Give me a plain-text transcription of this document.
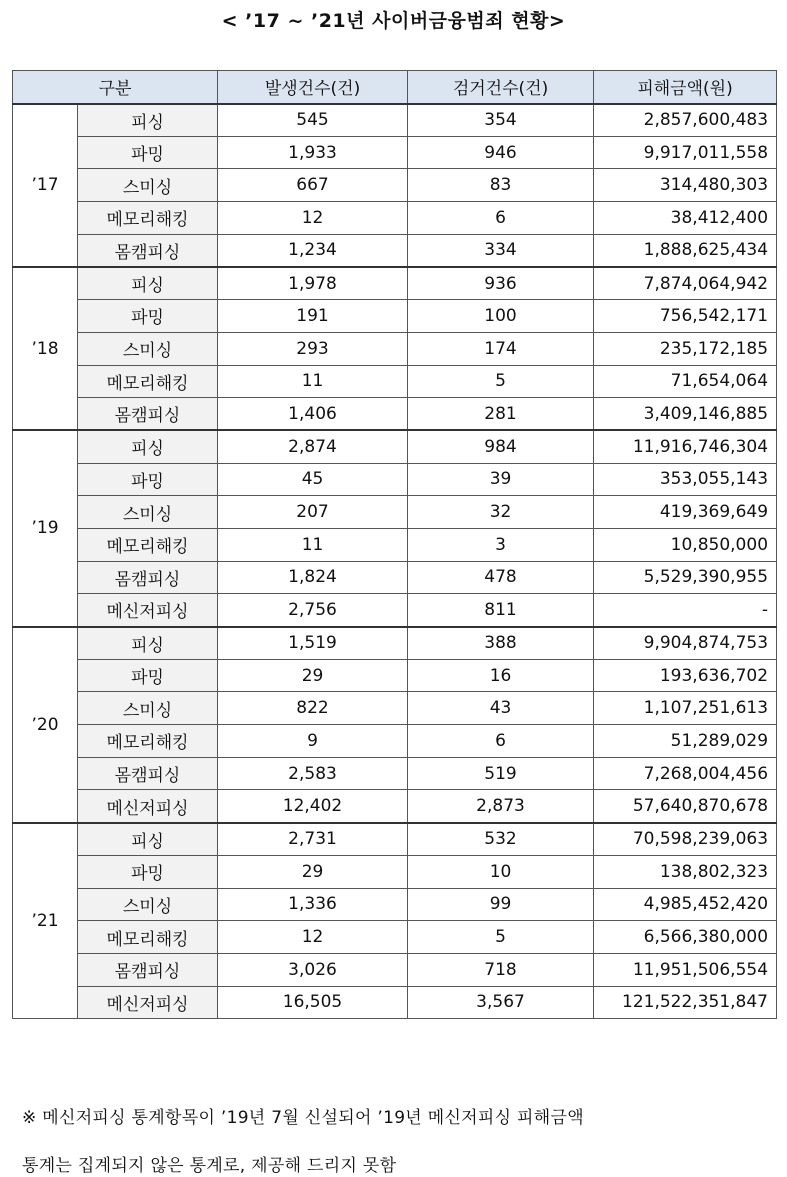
< ’17 ~ ’21년 사이버금융범죄 현황>
구분		발생건수(건)	검거건수(건)	피해금액(원)
’17	피싱	545	354	2,857,600,483
	파밍	1,933	946	9,917,011,558
	스미싱	667	83	314,480,303
	메모리해킹	12	6	38,412,400
	몸캠피싱	1,234	334	1,888,625,434
’18	피싱	1,978	936	7,874,064,942
	파밍	191	100	756,542,171
	스미싱	293	174	235,172,185
	메모리해킹	11	5	71,654,064
	몸캠피싱	1,406	281	3,409,146,885
’19	피싱	2,874	984	11,916,746,304
	파밍	45	39	353,055,143
	스미싱	207	32	419,369,649
	메모리해킹	11	3	10,850,000
	몸캠피싱	1,824	478	5,529,390,955
	메신저피싱	2,756	811	-
’20	피싱	1,519	388	9,904,874,753
	파밍	29	16	193,636,702
	스미싱	822	43	1,107,251,613
	메모리해킹	9	6	51,289,029
	몸캠피싱	2,583	519	7,268,004,456
	메신저피싱	12,402	2,873	57,640,870,678
’21	피싱	2,731	532	70,598,239,063
	파밍	29	10	138,802,323
	스미싱	1,336	99	4,985,452,420
	메모리해킹	12	5	6,566,380,000
	몸캠피싱	3,026	718	11,951,506,554
	메신저피싱	16,505	3,567	121,522,351,847

※ 메신저피싱 통계항목이 ’19년 7월 신설되어 ’19년 메신저피싱 피해금액

통계는 집계되지 않은 통계로, 제공해 드리지 못함
